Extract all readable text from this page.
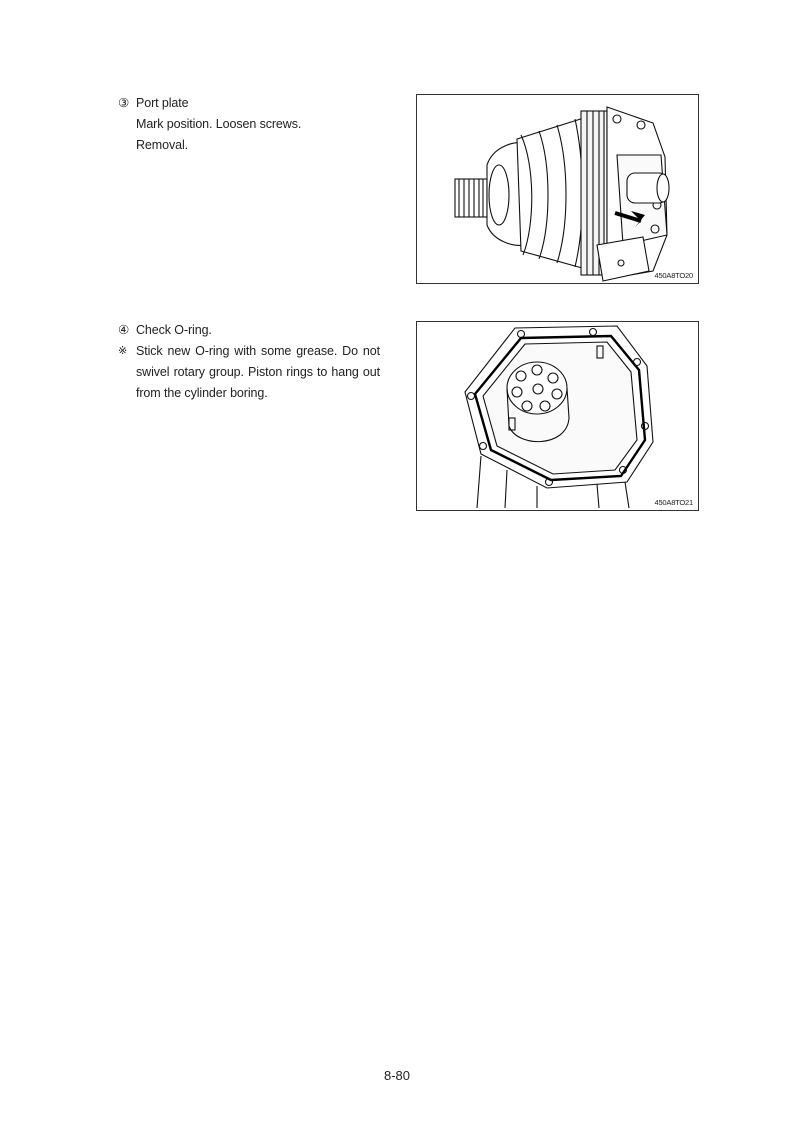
③ Port plate
Mark position. Loosen screws.
Removal.
450A8TO20
④ Check O-ring.
※ Stick new O-ring with some grease. Do not swivel rotary group. Piston rings to hang out from the cylinder boring.
450A8TO21
8-80
